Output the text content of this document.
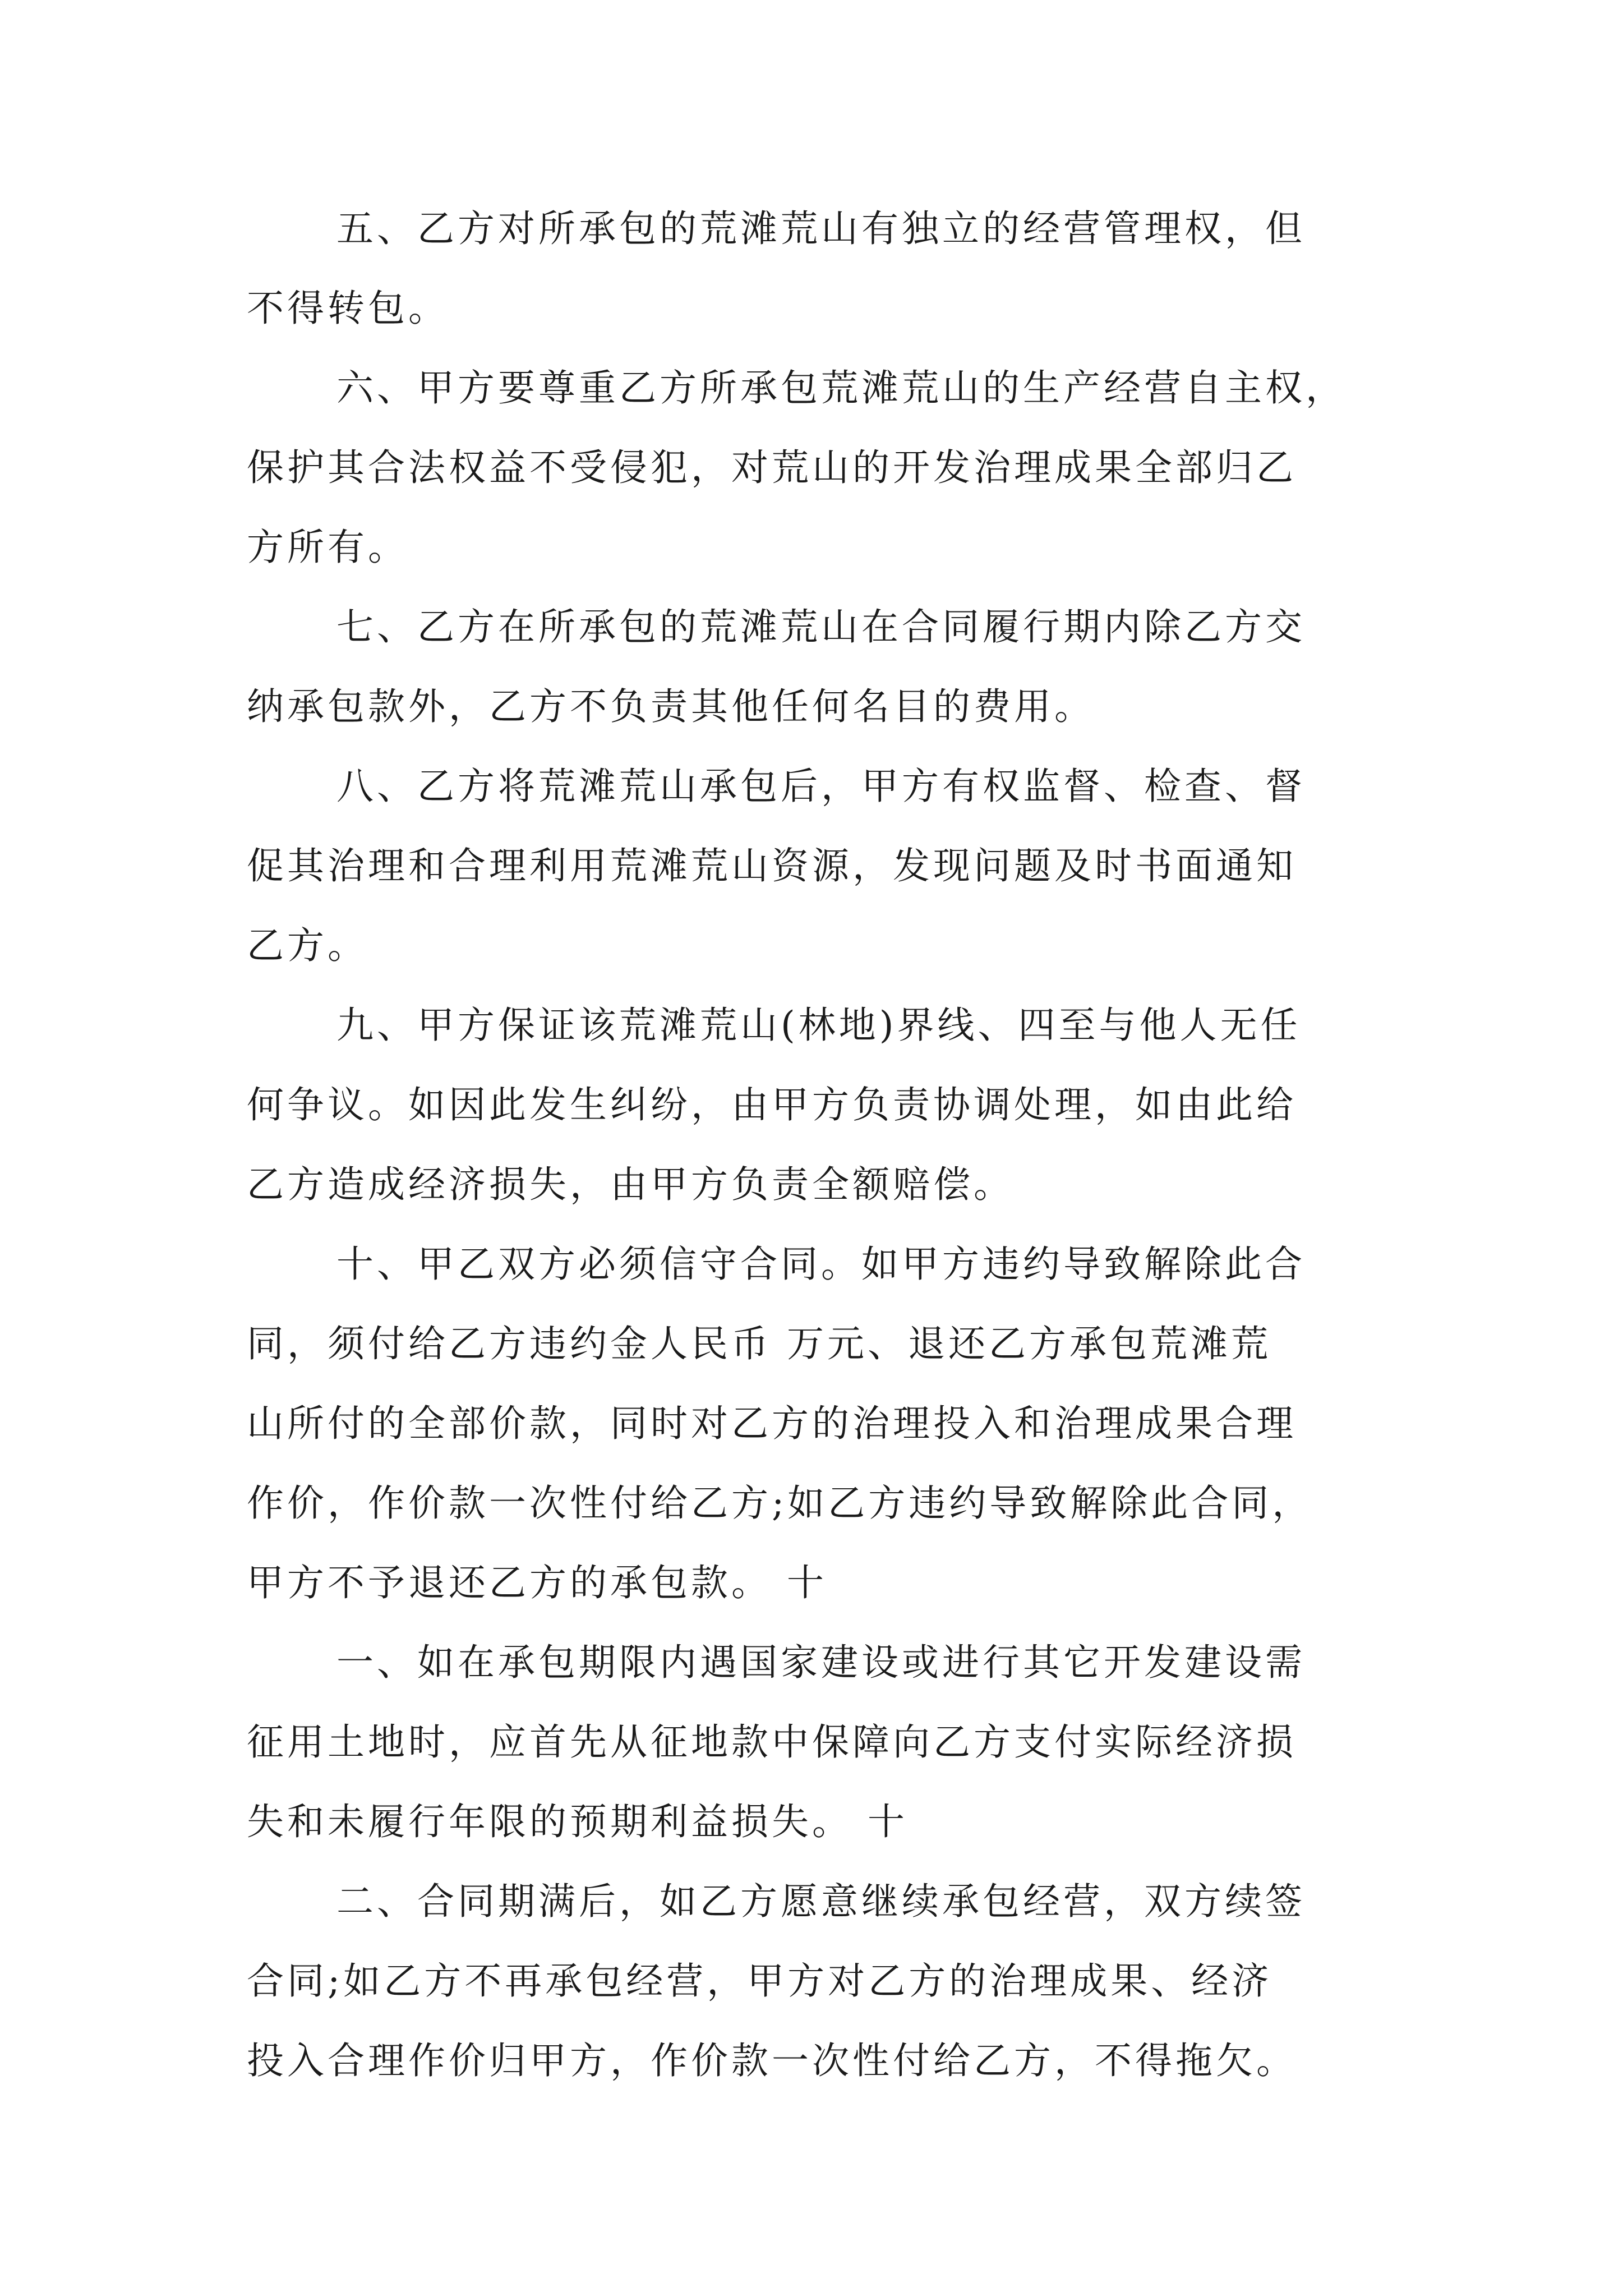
五、乙方对所承包的荒滩荒山有独立的经营管理权，但
不得转包。
六、甲方要尊重乙方所承包荒滩荒山的生产经营自主权，
保护其合法权益不受侵犯，对荒山的开发治理成果全部归乙
方所有。
七、乙方在所承包的荒滩荒山在合同履行期内除乙方交
纳承包款外，乙方不负责其他任何名目的费用。
八、乙方将荒滩荒山承包后，甲方有权监督、检查、督
促其治理和合理利用荒滩荒山资源，发现问题及时书面通知
乙方。
九、甲方保证该荒滩荒山(林地)界线、四至与他人无任
何争议。如因此发生纠纷，由甲方负责协调处理，如由此给
乙方造成经济损失，由甲方负责全额赔偿。
十、甲乙双方必须信守合同。如甲方违约导致解除此合
同，须付给乙方违约金人民币 万元、退还乙方承包荒滩荒
山所付的全部价款，同时对乙方的治理投入和治理成果合理
作价，作价款一次性付给乙方;如乙方违约导致解除此合同，
甲方不予退还乙方的承包款。 十
一、如在承包期限内遇国家建设或进行其它开发建设需
征用土地时，应首先从征地款中保障向乙方支付实际经济损
失和未履行年限的预期利益损失。 十
二、合同期满后，如乙方愿意继续承包经营，双方续签
合同;如乙方不再承包经营，甲方对乙方的治理成果、经济
投入合理作价归甲方，作价款一次性付给乙方，不得拖欠。
